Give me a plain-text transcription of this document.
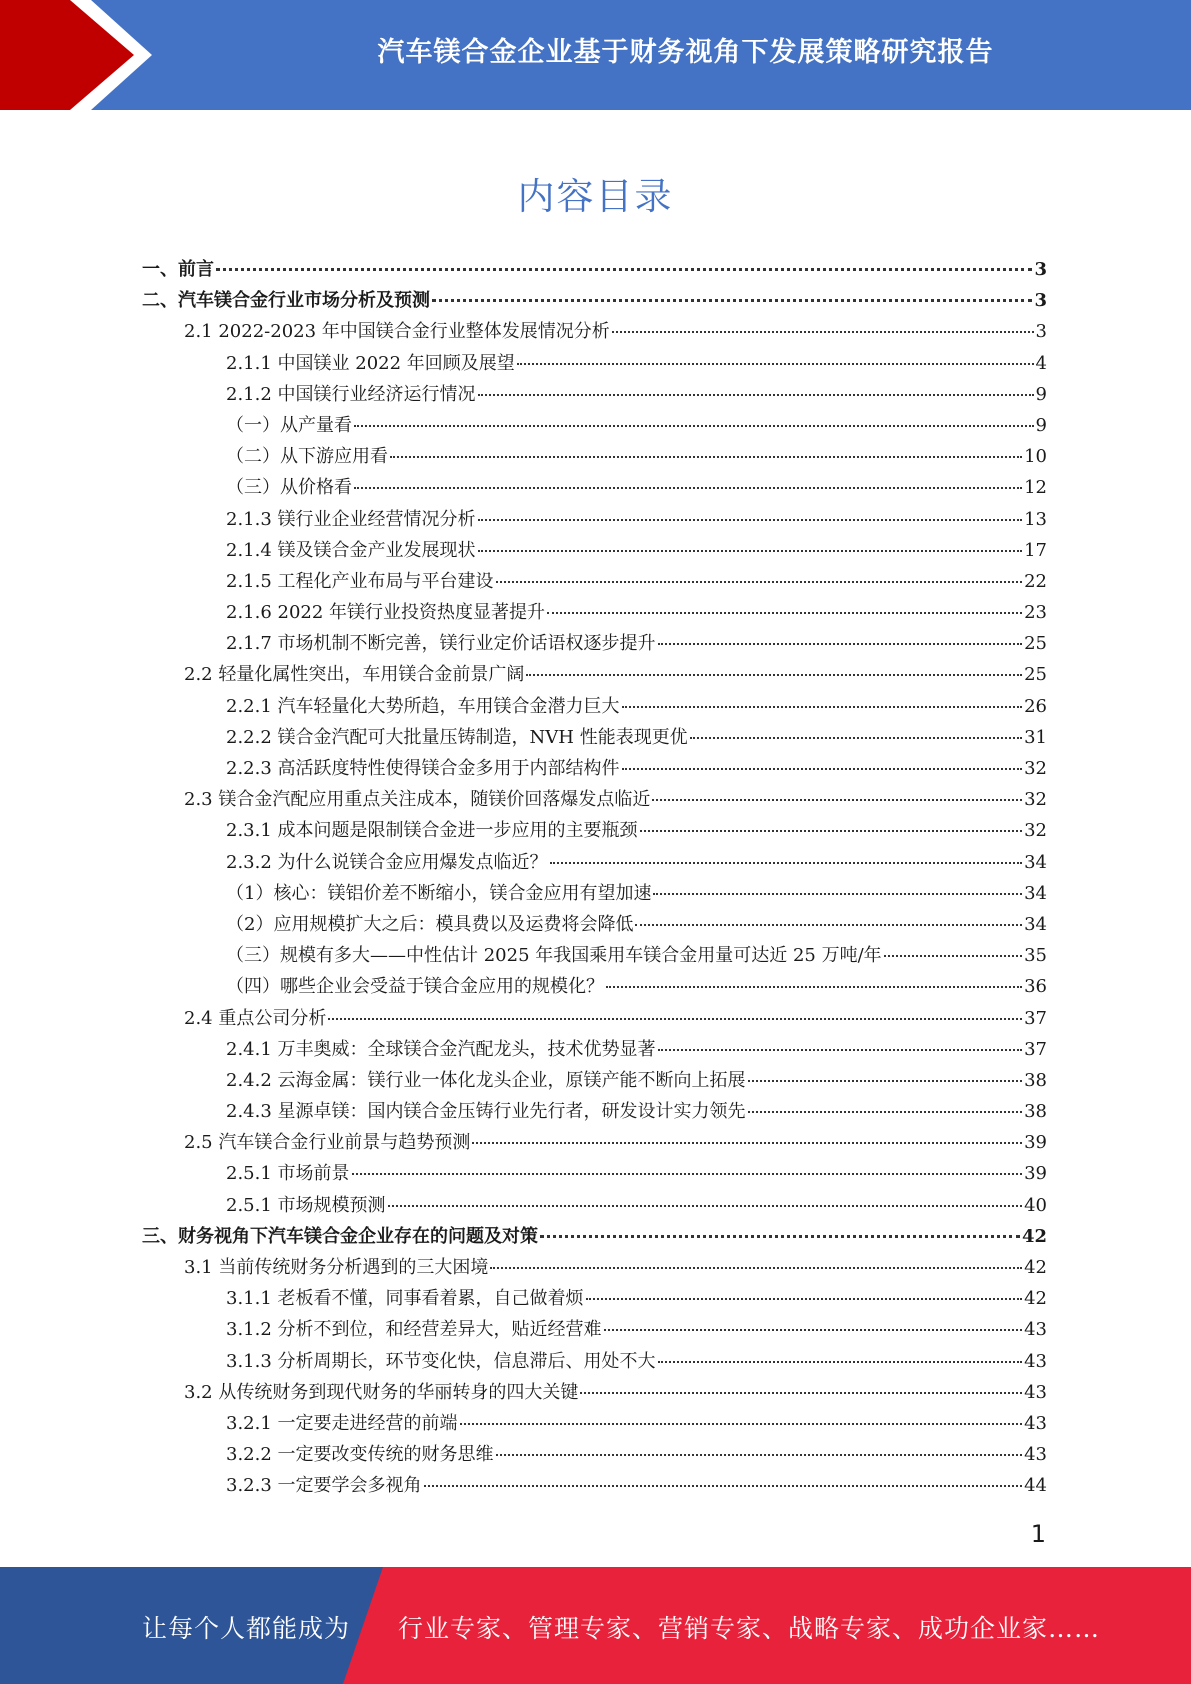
汽车镁合金企业基于财务视角下发展策略研究报告
内容目录
一、前言	3
二、汽车镁合金行业市场分析及预测	3
2.1 2022-2023 年中国镁合金行业整体发展情况分析	3
2.1.1 中国镁业 2022 年回顾及展望	4
2.1.2 中国镁行业经济运行情况	9
（一）从产量看	9
（二）从下游应用看	10
（三）从价格看	12
2.1.3 镁行业企业经营情况分析	13
2.1.4 镁及镁合金产业发展现状	17
2.1.5 工程化产业布局与平台建设	22
2.1.6 2022 年镁行业投资热度显著提升	23
2.1.7 市场机制不断完善，镁行业定价话语权逐步提升	25
2.2 轻量化属性突出，车用镁合金前景广阔	25
2.2.1 汽车轻量化大势所趋，车用镁合金潜力巨大	26
2.2.2 镁合金汽配可大批量压铸制造，NVH 性能表现更优	31
2.2.3 高活跃度特性使得镁合金多用于内部结构件	32
2.3 镁合金汽配应用重点关注成本，随镁价回落爆发点临近	32
2.3.1 成本问题是限制镁合金进一步应用的主要瓶颈	32
2.3.2 为什么说镁合金应用爆发点临近？	34
（1）核心：镁铝价差不断缩小，镁合金应用有望加速	34
（2）应用规模扩大之后：模具费以及运费将会降低	34
（三）规模有多大——中性估计 2025 年我国乘用车镁合金用量可达近 25 万吨/年	35
（四）哪些企业会受益于镁合金应用的规模化？	36
2.4 重点公司分析	37
2.4.1 万丰奥威：全球镁合金汽配龙头，技术优势显著	37
2.4.2 云海金属：镁行业一体化龙头企业，原镁产能不断向上拓展	38
2.4.3 星源卓镁：国内镁合金压铸行业先行者，研发设计实力领先	38
2.5 汽车镁合金行业前景与趋势预测	39
2.5.1 市场前景	39
2.5.1 市场规模预测	40
三、财务视角下汽车镁合金企业存在的问题及对策	42
3.1 当前传统财务分析遇到的三大困境	42
3.1.1 老板看不懂，同事看着累，自己做着烦	42
3.1.2 分析不到位，和经营差异大，贴近经营难	43
3.1.3 分析周期长，环节变化快，信息滞后、用处不大	43
3.2 从传统财务到现代财务的华丽转身的四大关键	43
3.2.1 一定要走进经营的前端	43
3.2.2 一定要改变传统的财务思维	43
3.2.3 一定要学会多视角	44
1
让每个人都能成为 行业专家、管理专家、营销专家、战略专家、成功企业家……
